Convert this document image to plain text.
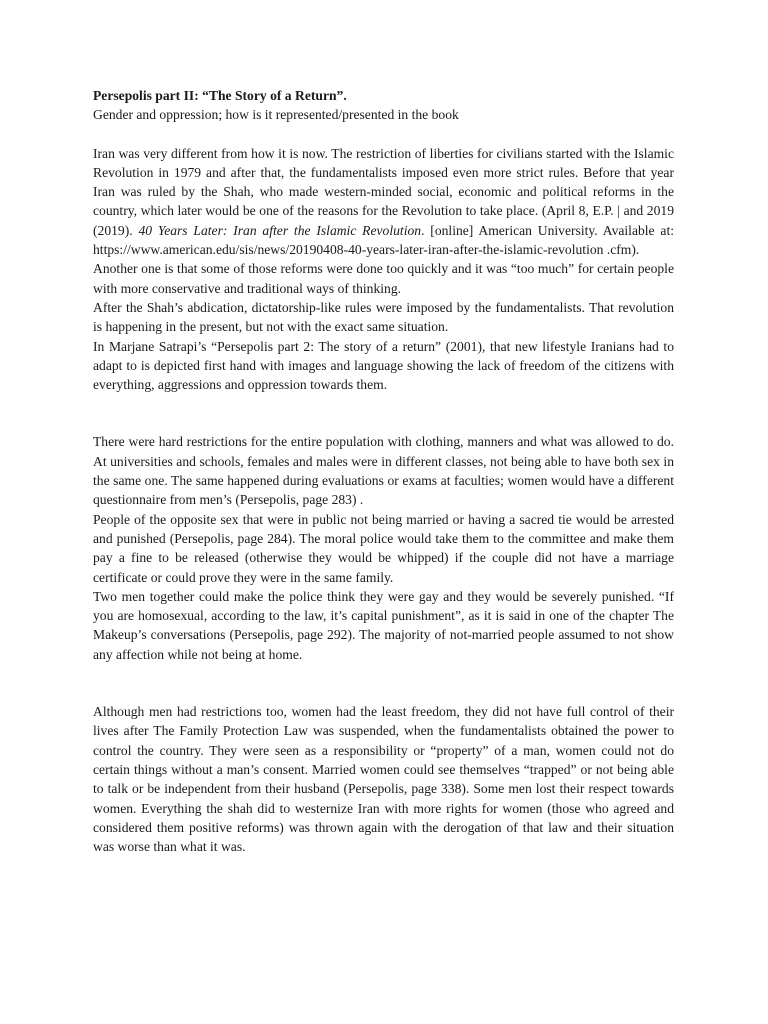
Persepolis part II: “The Story of a Return”.

Gender and oppression; how is it represented/presented in the book

Iran was very different from how it is now. The restriction of liberties for civilians started with the Islamic Revolution in 1979 and after that, the fundamentalists imposed even more strict rules. Before that year Iran was ruled by the Shah, who made western-minded social, economic and political reforms in the country, which later would be one of the reasons for the Revolution to take place. (April 8, E.P. | and 2019 (2019). 40 Years Later: Iran after the Islamic Revolution. [online] American University. Available at: https://www.american.edu/sis/news/20190408-40-years-later-iran-after-the-islamic-revolution .cfm).

Another one is that some of those reforms were done too quickly and it was “too much” for certain people with more conservative and traditional ways of thinking.

After the Shah’s abdication, dictatorship-like rules were imposed by the fundamentalists. That revolution is happening in the present, but not with the exact same situation.

In Marjane Satrapi’s “Persepolis part 2: The story of a return” (2001), that new lifestyle Iranians had to adapt to is depicted first hand with images and language showing the lack of freedom of the citizens with everything, aggressions and oppression towards them.

There were hard restrictions for the entire population with clothing, manners and what was allowed to do. At universities and schools, females and males were in different classes, not being able to have both sex in the same one. The same happened during evaluations or exams at faculties; women would have a different questionnaire from men’s (Persepolis, page 283) .

People of the opposite sex that were in public not being married or having a sacred tie would be arrested and punished (Persepolis, page 284). The moral police would take them to the committee and make them pay a fine to be released (otherwise they would be whipped) if the couple did not have a marriage certificate or could prove they were in the same family.

Two men together could make the police think they were gay and they would be severely punished. “If you are homosexual, according to the law, it’s capital punishment”, as it is said in one of the chapter The Makeup’s conversations (Persepolis, page 292). The majority of not-married people assumed to not show any affection while not being at home.

Although men had restrictions too, women had the least freedom, they did not have full control of their lives after The Family Protection Law was suspended, when the fundamentalists obtained the power to control the country. They were seen as a responsibility or “property” of a man, women could not do certain things without a man’s consent. Married women could see themselves “trapped” or not being able to talk or be independent from their husband (Persepolis, page 338). Some men lost their respect towards women. Everything the shah did to westernize Iran with more rights for women (those who agreed and considered them positive reforms) was thrown again with the derogation of that law and their situation was worse than what it was.
